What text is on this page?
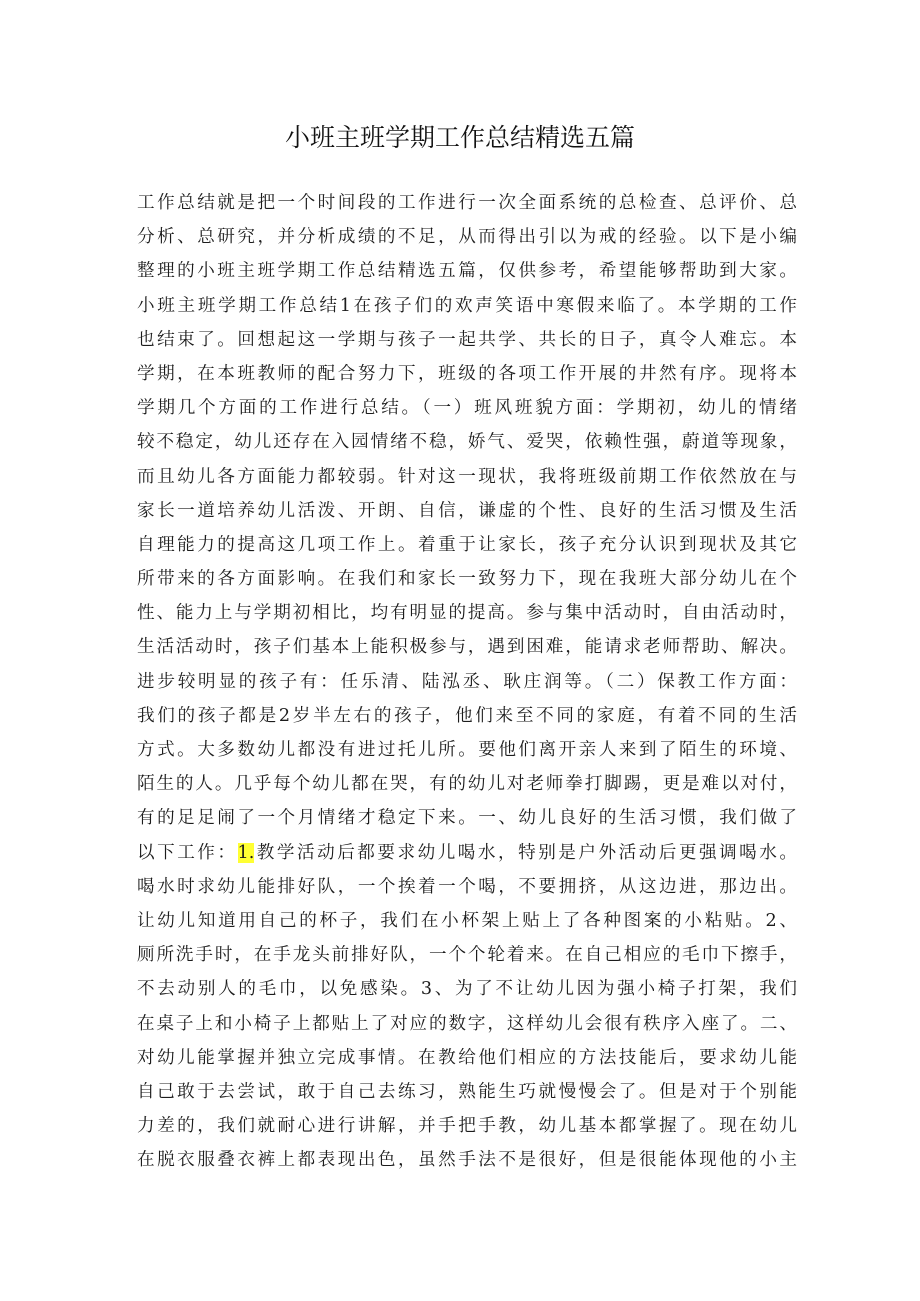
小班主班学期工作总结精选五篇
工作总结就是把一个时间段的工作进行一次全面系统的总检查、总评价、总
分析、总研究，并分析成绩的不足，从而得出引以为戒的经验。以下是小编
整理的小班主班学期工作总结精选五篇，仅供参考，希望能够帮助到大家。
小班主班学期工作总结1在孩子们的欢声笑语中寒假来临了。本学期的工作
也结束了。回想起这一学期与孩子一起共学、共长的日子，真令人难忘。本
学期，在本班教师的配合努力下，班级的各项工作开展的井然有序。现将本
学期几个方面的工作进行总结。（一）班风班貌方面：学期初，幼儿的情绪
较不稳定，幼儿还存在入园情绪不稳，娇气、爱哭，依赖性强，蔚道等现象，
而且幼儿各方面能力都较弱。针对这一现状，我将班级前期工作依然放在与
家长一道培养幼儿活泼、开朗、自信，谦虚的个性、良好的生活习惯及生活
自理能力的提高这几项工作上。着重于让家长，孩子充分认识到现状及其它
所带来的各方面影响。在我们和家长一致努力下，现在我班大部分幼儿在个
性、能力上与学期初相比，均有明显的提高。参与集中活动时，自由活动时，
生活活动时，孩子们基本上能积极参与，遇到困难，能请求老师帮助、解决。
进步较明显的孩子有：任乐清、陆泓丞、耿庄润等。（二）保教工作方面：
我们的孩子都是2岁半左右的孩子，他们来至不同的家庭，有着不同的生活
方式。大多数幼儿都没有进过托儿所。要他们离开亲人来到了陌生的环境、
陌生的人。几乎每个幼儿都在哭，有的幼儿对老师拳打脚踢，更是难以对付，
有的足足闹了一个月情绪才稳定下来。一、幼儿良好的生活习惯，我们做了
以下工作：1.教学活动后都要求幼儿喝水，特别是户外活动后更强调喝水。
喝水时求幼儿能排好队，一个挨着一个喝，不要拥挤，从这边进，那边出。
让幼儿知道用自己的杯子，我们在小杯架上贴上了各种图案的小粘贴。2、
厕所洗手时，在手龙头前排好队，一个个轮着来。在自己相应的毛巾下擦手，
不去动别人的毛巾，以免感染。3、为了不让幼儿因为强小椅子打架，我们
在桌子上和小椅子上都贴上了对应的数字，这样幼儿会很有秩序入座了。二、
对幼儿能掌握并独立完成事情。在教给他们相应的方法技能后，要求幼儿能
自己敢于去尝试，敢于自己去练习，熟能生巧就慢慢会了。但是对于个别能
力差的，我们就耐心进行讲解，并手把手教，幼儿基本都掌握了。现在幼儿
在脱衣服叠衣裤上都表现出色，虽然手法不是很好，但是很能体现他的小主
